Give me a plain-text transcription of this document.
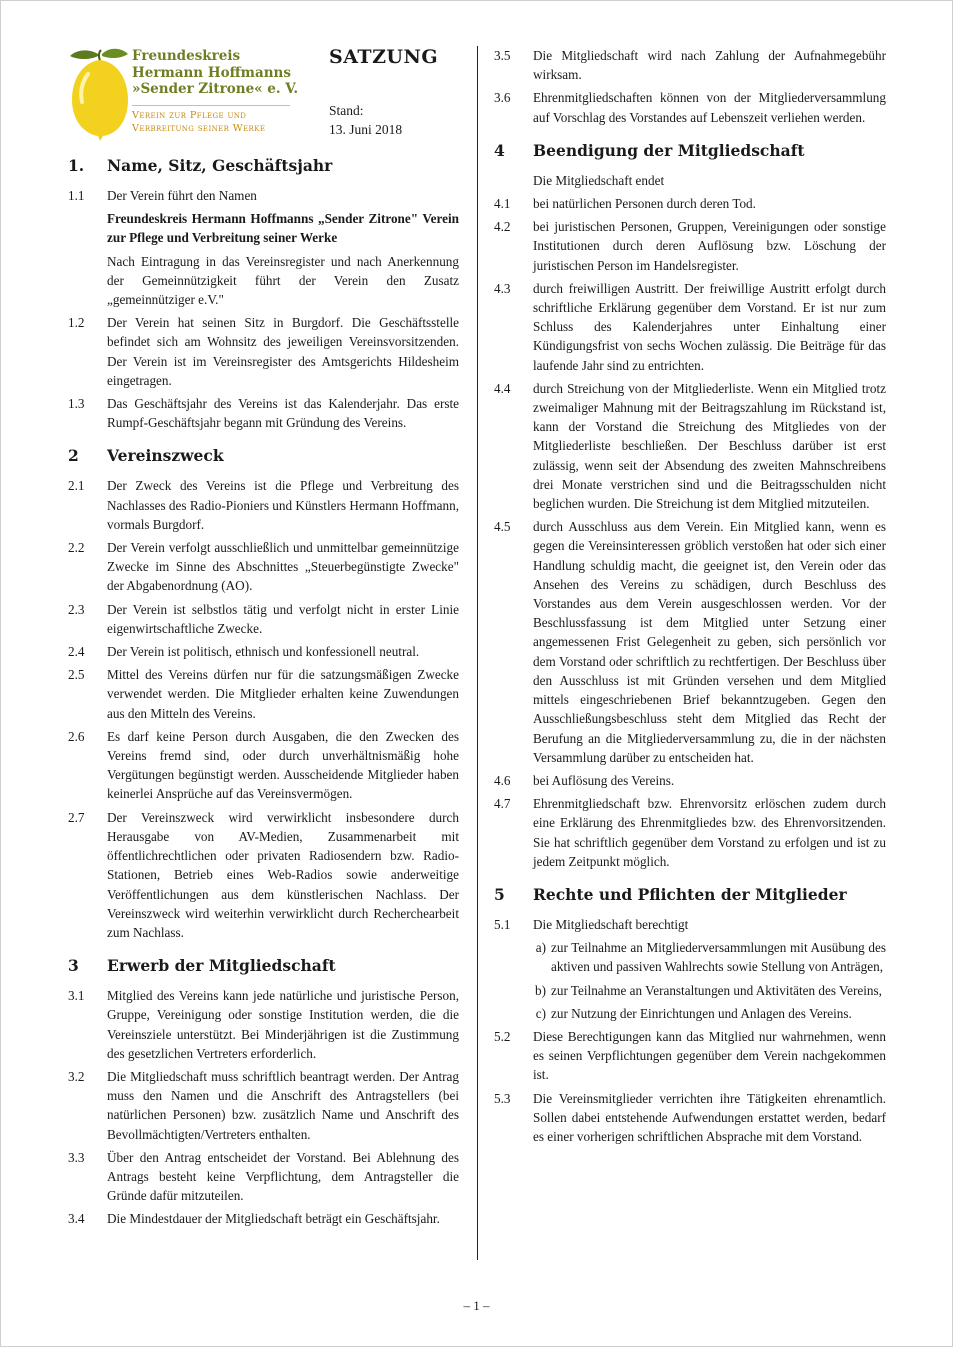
Freundeskreis
Hermann Hoffmanns
»Sender Zitrone« e. V.
Verein zur Pflege und
Verbreitung seiner Werke
SATZUNG
Stand:
13. Juni 2018
1.	Name, Sitz, Geschäftsjahr
1.1	Der Verein führt den Namen
Freundeskreis Hermann Hoffmanns „Sender Zitrone" Verein zur Pflege und Verbreitung seiner Werke
Nach Eintragung in das Vereinsregister und nach Anerkennung der Gemeinnützigkeit führt der Verein den Zusatz „gemeinnütziger e.V."
1.2	Der Verein hat seinen Sitz in Burgdorf. Die Geschäftsstelle befindet sich am Wohnsitz des jeweiligen Vereinsvorsitzenden. Der Verein ist im Vereinsregister des Amtsgerichts Hildesheim eingetragen.
1.3	Das Geschäftsjahr des Vereins ist das Kalenderjahr. Das erste Rumpf-Geschäftsjahr begann mit Gründung des Vereins.
2	Vereinszweck
2.1	Der Zweck des Vereins ist die Pflege und Verbreitung des Nachlasses des Radio-Pioniers und Künstlers Hermann Hoffmann, vormals Burgdorf.
2.2	Der Verein verfolgt ausschließlich und unmittelbar gemeinnützige Zwecke im Sinne des Abschnittes „Steuerbegünstigte Zwecke" der Abgabenordnung (AO).
2.3	Der Verein ist selbstlos tätig und verfolgt nicht in erster Linie eigenwirtschaftliche Zwecke.
2.4	Der Verein ist politisch, ethnisch und konfessionell neutral.
2.5	Mittel des Vereins dürfen nur für die satzungsmäßigen Zwecke verwendet werden. Die Mitglieder erhalten keine Zuwendungen aus den Mitteln des Vereins.
2.6	Es darf keine Person durch Ausgaben, die den Zwecken des Vereins fremd sind, oder durch unverhältnismäßig hohe Vergütungen begünstigt werden. Ausscheidende Mitglieder haben keinerlei Ansprüche auf das Vereinsvermögen.
2.7	Der Vereinszweck wird verwirklicht insbesondere durch Herausgabe von AV-Medien, Zusammenarbeit mit öffentlichrechtlichen oder privaten Radiosendern bzw. Radio-Stationen, Betrieb eines Web-Radios sowie anderweitige Veröffentlichungen aus dem künstlerischen Nachlass. Der Vereinszweck wird weiterhin verwirklicht durch Recherchearbeit zum Nachlass.
3	Erwerb der Mitgliedschaft
3.1	Mitglied des Vereins kann jede natürliche und juristische Person, Gruppe, Vereinigung oder sonstige Institution werden, die die Vereinsziele unterstützt. Bei Minderjährigen ist die Zustimmung des gesetzlichen Vertreters erforderlich.
3.2	Die Mitgliedschaft muss schriftlich beantragt werden. Der Antrag muss den Namen und die Anschrift des Antragstellers (bei natürlichen Personen) bzw. zusätzlich Name und Anschrift des Bevollmächtigten/Vertreters enthalten.
3.3	Über den Antrag entscheidet der Vorstand. Bei Ablehnung des Antrags besteht keine Verpflichtung, dem Antragsteller die Gründe dafür mitzuteilen.
3.4	Die Mindestdauer der Mitgliedschaft beträgt ein Geschäftsjahr.
3.5	Die Mitgliedschaft wird nach Zahlung der Aufnahmegebühr wirksam.
3.6	Ehrenmitgliedschaften können von der Mitgliederversammlung auf Vorschlag des Vorstandes auf Lebenszeit verliehen werden.
4	Beendigung der Mitgliedschaft
Die Mitgliedschaft endet
4.1	bei natürlichen Personen durch deren Tod.
4.2	bei juristischen Personen, Gruppen, Vereinigungen oder sonstige Institutionen durch deren Auflösung bzw. Löschung der juristischen Person im Handelsregister.
4.3	durch freiwilligen Austritt. Der freiwillige Austritt erfolgt durch schriftliche Erklärung gegenüber dem Vorstand. Er ist nur zum Schluss des Kalenderjahres unter Einhaltung einer Kündigungsfrist von sechs Wochen zulässig. Die Beiträge für das laufende Jahr sind zu entrichten.
4.4	durch Streichung von der Mitgliederliste. Wenn ein Mitglied trotz zweimaliger Mahnung mit der Beitragszahlung im Rückstand ist, kann der Vorstand die Streichung des Mitgliedes von der Mitgliederliste beschließen. Der Beschluss darüber ist erst zulässig, wenn seit der Absendung des zweiten Mahnschreibens drei Monate verstrichen sind und die Beitragsschulden nicht beglichen wurden. Die Streichung ist dem Mitglied mitzuteilen.
4.5	durch Ausschluss aus dem Verein. Ein Mitglied kann, wenn es gegen die Vereinsinteressen gröblich verstoßen hat oder sich einer Handlung schuldig macht, die geeignet ist, den Verein oder das Ansehen des Vereins zu schädigen, durch Beschluss des Vorstandes aus dem Verein ausgeschlossen werden. Vor der Beschlussfassung ist dem Mitglied unter Setzung einer angemessenen Frist Gelegenheit zu geben, sich persönlich vor dem Vorstand oder schriftlich zu rechtfertigen. Der Beschluss über den Ausschluss ist mit Gründen versehen und dem Mitglied mittels eingeschriebenen Brief bekanntzugeben. Gegen den Ausschließungsbeschluss steht dem Mitglied das Recht der Berufung an die Mitgliederversammlung zu, die in der nächsten Versammlung darüber zu entscheiden hat.
4.6	bei Auflösung des Vereins.
4.7	Ehrenmitgliedschaft bzw. Ehrenvorsitz erlöschen zudem durch eine Erklärung des Ehrenmitgliedes bzw. des Ehrenvorsitzenden. Sie hat schriftlich gegenüber dem Vorstand zu erfolgen und ist zu jedem Zeitpunkt möglich.
5	Rechte und Pflichten der Mitglieder
5.1	Die Mitgliedschaft berechtigt
a) zur Teilnahme an Mitgliederversammlungen mit Ausübung des aktiven und passiven Wahlrechts sowie Stellung von Anträgen,
b) zur Teilnahme an Veranstaltungen und Aktivitäten des Vereins,
c) zur Nutzung der Einrichtungen und Anlagen des Vereins.
5.2	Diese Berechtigungen kann das Mitglied nur wahrnehmen, wenn es seinen Verpflichtungen gegenüber dem Verein nachgekommen ist.
5.3	Die Vereinsmitglieder verrichten ihre Tätigkeiten ehrenamtlich. Sollen dabei entstehende Aufwendungen erstattet werden, bedarf es einer vorherigen schriftlichen Absprache mit dem Vorstand.
– 1 –
